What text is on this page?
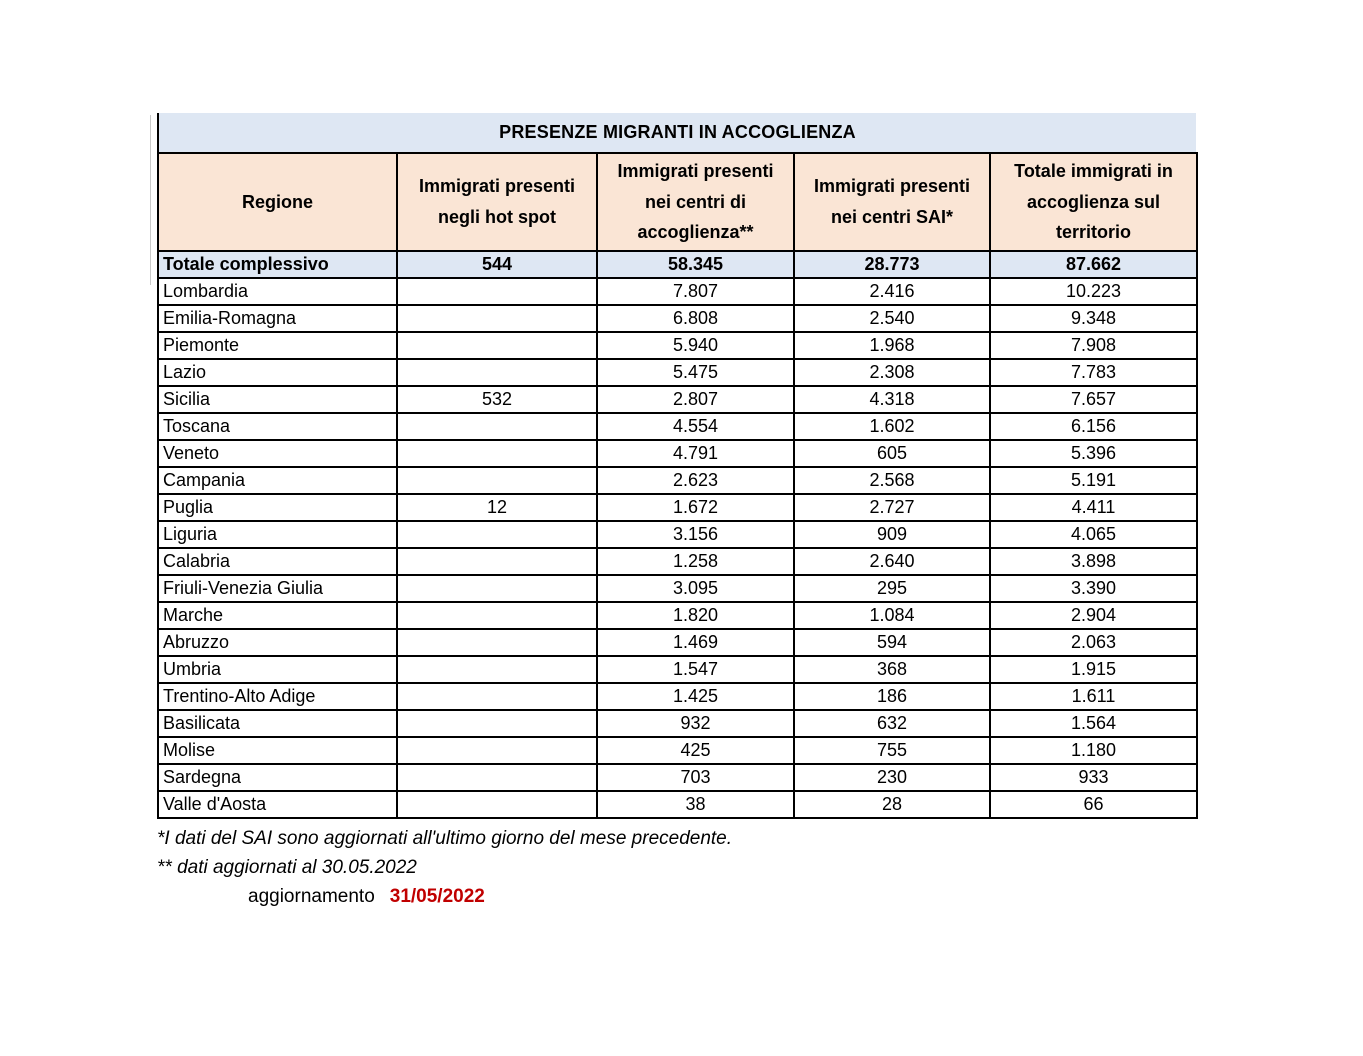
PRESENZE MIGRANTI IN ACCOGLIENZA
Regione	Immigrati presenti negli hot spot	Immigrati presenti nei centri di accoglienza**	Immigrati presenti nei centri SAI*	Totale immigrati in accoglienza sul territorio
Totale complessivo	544	58.345	28.773	87.662
Lombardia		7.807	2.416	10.223
Emilia-Romagna		6.808	2.540	9.348
Piemonte		5.940	1.968	7.908
Lazio		5.475	2.308	7.783
Sicilia	532	2.807	4.318	7.657
Toscana		4.554	1.602	6.156
Veneto		4.791	605	5.396
Campania		2.623	2.568	5.191
Puglia	12	1.672	2.727	4.411
Liguria		3.156	909	4.065
Calabria		1.258	2.640	3.898
Friuli-Venezia Giulia		3.095	295	3.390
Marche		1.820	1.084	2.904
Abruzzo		1.469	594	2.063
Umbria		1.547	368	1.915
Trentino-Alto Adige		1.425	186	1.611
Basilicata		932	632	1.564
Molise		425	755	1.180
Sardegna		703	230	933
Valle d'Aosta		38	28	66
*I dati del SAI sono aggiornati all'ultimo giorno del mese precedente.
** dati aggiornati al 30.05.2022
aggiornamento 31/05/2022
